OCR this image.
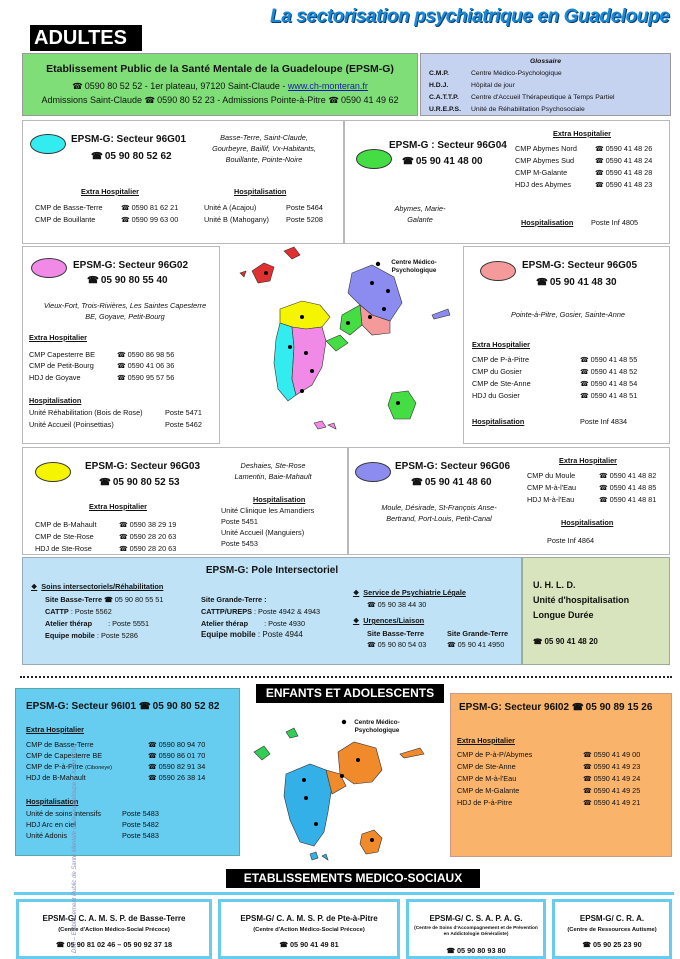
La sectorisation psychiatrique en Guadeloupe
ADULTES
Etablissement Public de la Santé Mentale de la Guadeloupe (EPSM-G)
☎ 0590 80 52 52 - 1er plateau, 97120 Saint-Claude - www.ch-monteran.fr
Admissions Saint-Claude ☎ 0590 80 52 23 - Admissions Pointe-à-Pitre ☎ 0590 41 49 62
Glossaire
C.M.P.	Centre Médico-Psychologique
H.D.J.	Hôpital de jour
C.A.T.T.P. Centre d'Accueil Thérapeutique à Temps Partiel
U.R.E.P.S. Unité de Réhabilitation Psychosociale
EPSM-G: Secteur 96G01
☎ 05 90 80 52 62
Basse-Terre, Saint-Claude, Gourbeyre, Baillif, Vx-Habitants, Bouillante, Pointe-Noire
Extra Hospitalier	Hospitalisation
CMP de Basse-Terre ☎	0590 81 62 21
CMP de Bouillante ☎	0590 99 63 00
Unité A (Acajou)	Poste 5464
Unité B (Mahogany) Poste 5208
EPSM-G : Secteur 96G04
☎ 05 90 41 48 00
Abymes, Marie-Galante
Extra Hospitalier
CMP Abymes Nord ☎	0590 41 48 26
CMP Abymes Sud ☎	0590 41 48 24
CMP M-Galante ☎	0590 41 48 28
HDJ des Abymes ☎	0590 41 48 23
Hospitalisation Poste Inf 4805
EPSM-G: Secteur 96G02
☎ 05 90 80 55 40
Vieux-Fort, Trois-Rivières, Les Saintes Capesterre BE, Goyave, Petit-Bourg
Extra Hospitalier
CMP Capesterre BE ☎	0590 86 98 56
CMP de Petit-Bourg ☎	0590 41 06 36
HDJ de Goyave ☎	0590 95 57 56
Hospitalisation
Unité Réhabilitation (Bois de Rose)	Poste 5471
Unité Accueil (Poinsettias)	Poste 5462
Centre Médico-Psychologique	EPSM-G: Secteur 96G05
☎ 05 90 41 48 30
Pointe-à-Pitre, Gosier, Sainte-Anne
Extra Hospitalier
CMP de P-à-Pitre ☎	0590 41 48 55
CMP du Gosier ☎	0590 41 48 52
CMP de Ste-Anne ☎	0590 41 48 54
HDJ du Gosier ☎	0590 41 48 51
Hospitalisation	Poste Inf 4834
EPSM-G: Secteur 96G03
☎ 05 90 80 52 53
Deshaies, Ste-Rose Lamentin, Baie-Mahault
Extra Hospitalier
CMP de B-Mahault ☎	0590 38 29 19
CMP de Ste-Rose ☎	0590 28 20 63
HDJ de Ste-Rose ☎	0590 28 20 63
Hospitalisation
Unité Clinique les Amandiers
Poste 5451
Unité Accueil (Manguiers)
Poste 5453
EPSM-G: Secteur 96G06
☎ 05 90 41 48 60
Moule, Désirade, St-François Anse-Bertrand, Port-Louis, Petit-Canal
Extra Hospitalier
CMP du Moule ☎	0590 41 48 82
CMP M-à-l'Eau ☎	0590 41 48 85
HDJ M-à-l'Eau ☎	0590 41 48 81
Hospitalisation
Poste Inf 4864
EPSM-G: Pole Intersectoriel
❖ Soins intersectoriels/Réhabilitation
Site Basse-Terre ☎ 05 90 80 55 51
CATTP : Poste 5562
Atelier thérap : Poste 5551
Equipe mobile : Poste 5286
Site Grande-Terre :
CATTP/UREPS : Poste 4942 & 4943
Atelier thérap : Poste 4930
Equipe mobile : Poste 4944
❖ Service de Psychiatrie Légale
☎ 05 90 38 44 30
❖ Urgences/Liaison
Site Basse-Terre
☎ 05 90 80 54 03
Site Grande-Terre
☎ 05 90 41 4950
U. H. L. D.
Unité d'hospitalisation
Longue Durée
☎ 05 90 41 48 20
ENFANTS ET ADOLESCENTS
EPSM-G: Secteur 96I01 ☎ 05 90 80 52 82
Extra Hospitalier
CMP de Basse-Terre ☎	0590 80 94 70
CMP de Capesterre BE ☎	0590 86 01 70
CMP de P-à-Pitre (Ciboneye) ☎	0590 82 91 34
HDJ de B-Mahault ☎	0590 26 38 14
Hospitalisation
Unité de soins intensifs	Poste 5483
HDJ Arc en ciel	Poste 5482
Unité Adonis	Poste 5483
Centre Médico-Psychologique
EPSM-G: Secteur 96I02 ☎ 05 90 89 15 26
Extra Hospitalier
CMP de P-à-P/Abymes ☎	0590 41 49 00
CMP de Ste-Anne ☎	0590 41 49 23
CMP de M-à-l'Eau ☎	0590 41 49 24
CMP de M-Galante ☎	0590 41 49 25
HDJ de P-à-Pitre ☎	0590 41 49 21
ETABLISSEMENTS MEDICO-SOCIAUX
EPSM-G/ C. A. M. S. P. de Basse-Terre
(Centre d'Action Médico-Social Précoce)
☎ 05 90 81 02 46 – 05 90 92 37 18
EPSM-G/ C. A. M. S. P. de Pte-à-Pitre
(Centre d'Action Médico-Social Précoce)
☎ 05 90 41 49 81
EPSM-G/ C. S. A. P. A. G.
(Centre de Soins d'Accompagnement et de Prévention en Addictologie Généraliste)
☎ 05 90 80 93 80
EPSM-G/ C. R. A.
(Centre de Ressources Autisme)
☎ 05 90 25 23 90
DIM – Etablissement Public de Santé Mentale de la Guadeloupe – Juillet 2018
